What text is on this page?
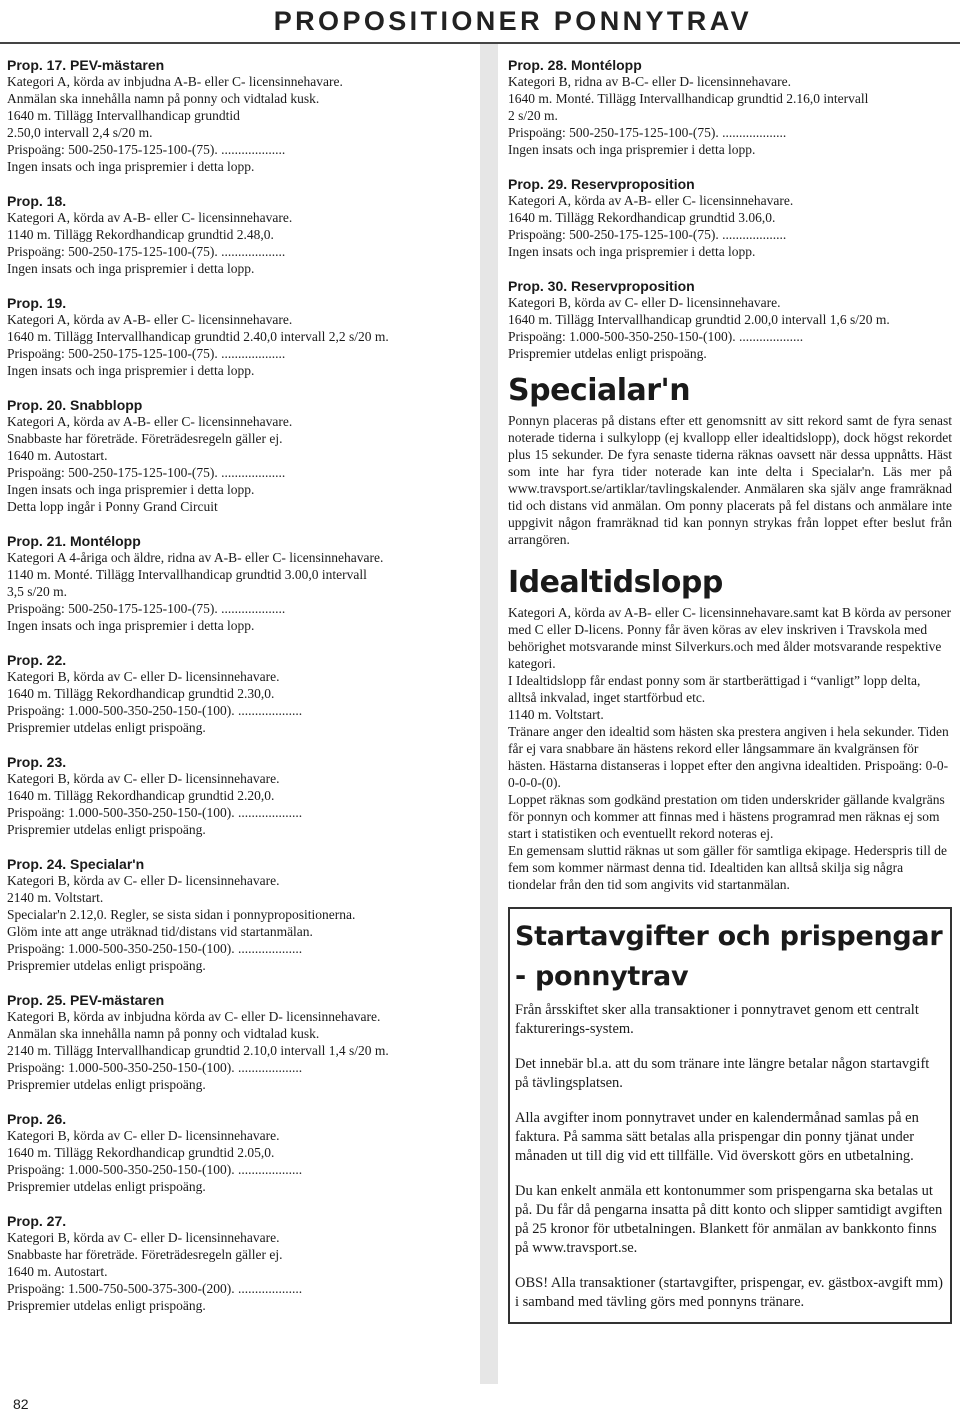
PROPOSITIONER PONNYTRAV
Prop. 17. PEV-mästaren
Kategori A, körda av inbjudna A-B- eller C- licensinnehavare.
Anmälan ska innehålla namn på ponny och vidtalad kusk.
1640 m. Tillägg Intervallhandicap grundtid
2.50,0 intervall 2,4 s/20 m.
Prispoäng: 500-250-175-125-100-(75). ...................
Ingen insats och inga prispremier i detta lopp.
Prop. 18.
Kategori A, körda av A-B- eller C- licensinnehavare.
1140 m. Tillägg Rekordhandicap grundtid 2.48,0.
Prispoäng: 500-250-175-125-100-(75). ...................
Ingen insats och inga prispremier i detta lopp.
Prop. 19.
Kategori A, körda av A-B- eller C- licensinnehavare.
1640 m. Tillägg Intervallhandicap grundtid 2.40,0 intervall 2,2 s/20 m.
Prispoäng: 500-250-175-125-100-(75). ...................
Ingen insats och inga prispremier i detta lopp.
Prop. 20. Snabblopp
Kategori A, körda av A-B- eller C- licensinnehavare.
Snabbaste har företräde. Företrädesregeln gäller ej.
1640 m. Autostart.
Prispoäng: 500-250-175-125-100-(75). ...................
Ingen insats och inga prispremier i detta lopp.
Detta lopp ingår i Ponny Grand Circuit
Prop. 21. Montélopp
Kategori A 4-åriga och äldre, ridna av A-B- eller C- licensinnehavare.
1140 m. Monté. Tillägg Intervallhandicap grundtid 3.00,0 intervall
3,5 s/20 m.
Prispoäng: 500-250-175-125-100-(75). ...................
Ingen insats och inga prispremier i detta lopp.
Prop. 22.
Kategori B, körda av C- eller D- licensinnehavare.
1640 m. Tillägg Rekordhandicap grundtid 2.30,0.
Prispoäng: 1.000-500-350-250-150-(100). ...................
Prispremier utdelas enligt prispoäng.
Prop. 23.
Kategori B, körda av C- eller D- licensinnehavare.
1640 m. Tillägg Rekordhandicap grundtid 2.20,0.
Prispoäng: 1.000-500-350-250-150-(100). ...................
Prispremier utdelas enligt prispoäng.
Prop. 24. Specialar'n
Kategori B, körda av C- eller D- licensinnehavare.
2140 m. Voltstart.
Specialar'n 2.12,0. Regler, se sista sidan i ponnypropositionerna.
Glöm inte att ange uträknad tid/distans vid startanmälan.
Prispoäng: 1.000-500-350-250-150-(100). ...................
Prispremier utdelas enligt prispoäng.
Prop. 25. PEV-mästaren
Kategori B, körda av inbjudna körda av C- eller D- licensinnehavare.
Anmälan ska innehålla namn på ponny och vidtalad kusk.
2140 m. Tillägg Intervallhandicap grundtid 2.10,0 intervall 1,4 s/20 m.
Prispoäng: 1.000-500-350-250-150-(100). ...................
Prispremier utdelas enligt prispoäng.
Prop. 26.
Kategori B, körda av C- eller D- licensinnehavare.
1640 m. Tillägg Rekordhandicap grundtid 2.05,0.
Prispoäng: 1.000-500-350-250-150-(100). ...................
Prispremier utdelas enligt prispoäng.
Prop. 27.
Kategori B, körda av C- eller D- licensinnehavare.
Snabbaste har företräde. Företrädesregeln gäller ej.
1640 m. Autostart.
Prispoäng: 1.500-750-500-375-300-(200). ...................
Prispremier utdelas enligt prispoäng.
Prop. 28. Montélopp
Kategori B, ridna av B-C- eller D- licensinnehavare.
1640 m. Monté. Tillägg Intervallhandicap grundtid 2.16,0 intervall
2 s/20 m.
Prispoäng: 500-250-175-125-100-(75). ...................
Ingen insats och inga prispremier i detta lopp.
Prop. 29. Reservproposition
Kategori A, körda av A-B- eller C- licensinnehavare.
1640 m. Tillägg Rekordhandicap grundtid 3.06,0.
Prispoäng: 500-250-175-125-100-(75). ...................
Ingen insats och inga prispremier i detta lopp.
Prop. 30. Reservproposition
Kategori B, körda av C- eller D- licensinnehavare.
1640 m. Tillägg Intervallhandicap grundtid 2.00,0 intervall 1,6 s/20 m.
Prispoäng: 1.000-500-350-250-150-(100). ...................
Prispremier utdelas enligt prispoäng.
Specialar'n
Ponnyn placeras på distans efter ett genomsnitt av sitt rekord samt de fyra senast noterade tiderna i sulkylopp (ej kvallopp eller idealtidslopp), dock högst rekordet plus 15 sekunder. De fyra senaste tiderna räknas oavsett när dessa uppnåtts. Häst som inte har fyra tider noterade kan inte delta i Specialar'n. Läs mer på www.travsport.se/artiklar/tavlingskalender. Anmälaren ska själv ange framräknad tid och distans vid anmälan. Om ponny placerats på fel distans och anmälare inte uppgivit någon framräknad tid kan ponnyn strykas från loppet efter beslut från arrangören.
Idealtidslopp
Kategori A, körda av A-B- eller C- licensinnehavare.samt kat B körda av personer med C eller D-licens. Ponny får även köras av elev inskriven i Travskola med behörighet motsvarande minst Silverkurs.och med ålder motsvarande respektive kategori.
I Idealtidslopp får endast ponny som är startberättigad i “vanligt” lopp delta, alltså inkvalad, inget startförbud etc.
1140 m. Voltstart.
Tränare anger den idealtid som hästen ska prestera angiven i hela sekunder. Tiden får ej vara snabbare än hästens rekord eller långsammare än kvalgränsen för hästen. Hästarna distanseras i loppet efter den angivna idealtiden. Prispoäng: 0-0-0-0-0-(0).
Loppet räknas som godkänd prestation om tiden underskrider gällande kvalgräns för ponnyn och kommer att finnas med i hästens programrad men räknas ej som start i statistiken och eventuellt rekord noteras ej.
En gemensam sluttid räknas ut som gäller för samtliga ekipage. Hederspris till de fem som kommer närmast denna tid. Idealtiden kan alltså skilja sig några tiondelar från den tid som angivits vid startanmälan.
Startavgifter och prispengar - ponnytrav
Från årsskiftet sker alla transaktioner i ponnytravet genom ett centralt fakturerings-system.
Det innebär bl.a. att du som tränare inte längre betalar någon startavgift på tävlingsplatsen.
Alla avgifter inom ponnytravet under en kalendermånad samlas på en faktura. På samma sätt betalas alla prispengar din ponny tjänat under månaden ut till dig vid ett tillfälle. Vid överskott görs en utbetalning.
Du kan enkelt anmäla ett kontonummer som prispengarna ska betalas ut på. Du får då pengarna insatta på ditt konto och slipper samtidigt avgiften på 25 kronor för utbetalningen. Blankett för anmälan av bankkonto finns på www.travsport.se.
OBS! Alla transaktioner (startavgifter, prispengar, ev. gästbox-avgift mm) i samband med tävling görs med ponnyns tränare.
82
